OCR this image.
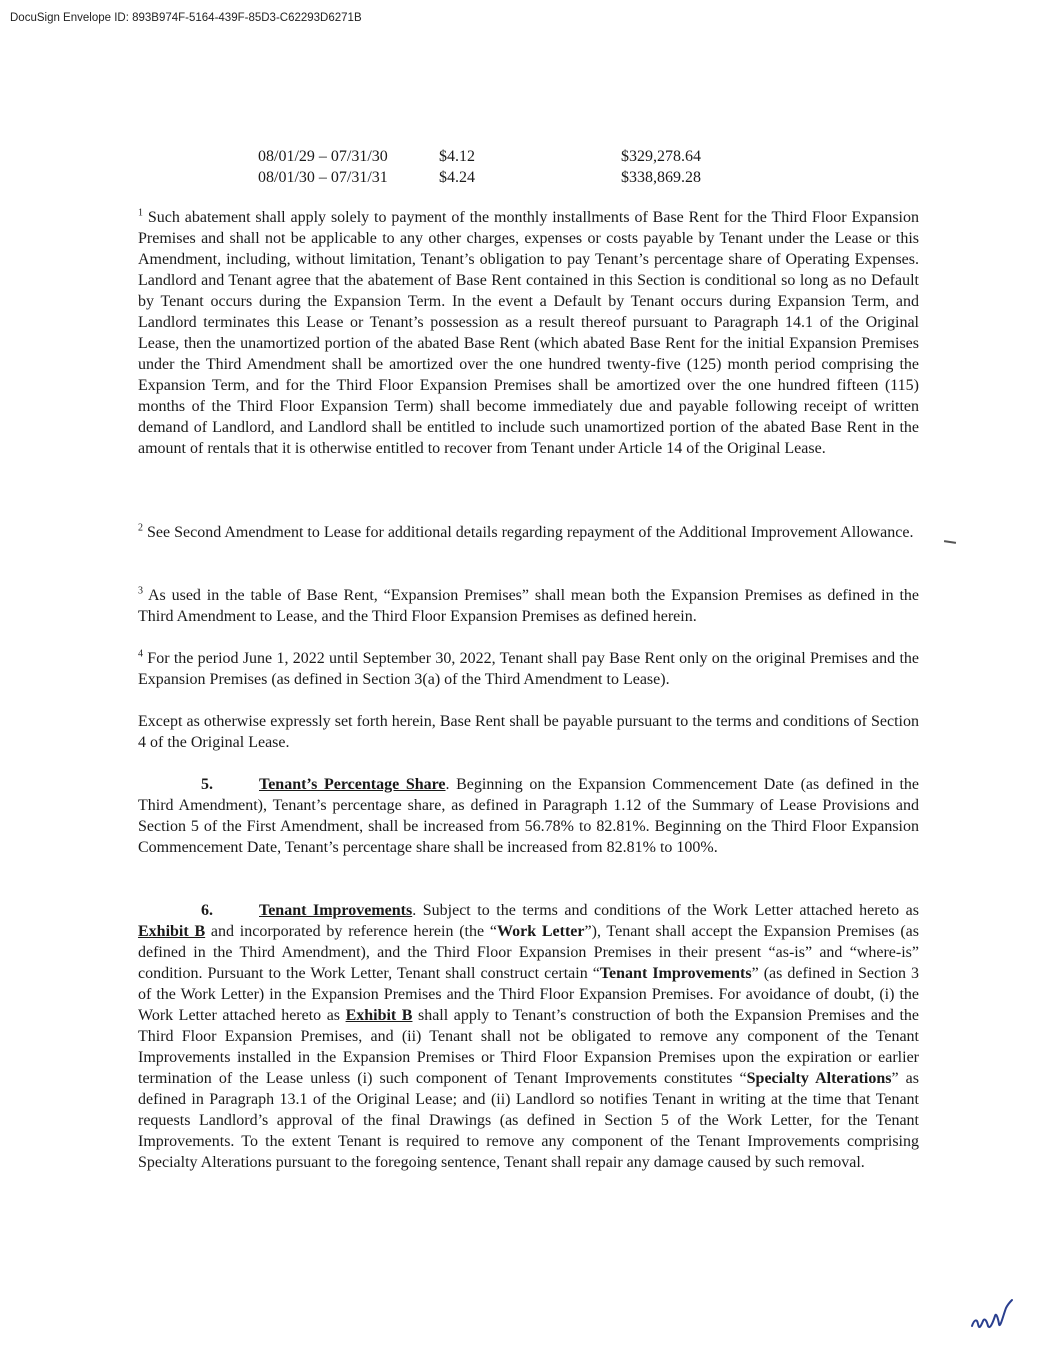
DocuSign Envelope ID: 893B974F-5164-439F-85D3-C62293D6271B
08/01/29 – 07/31/30	$4.12	$329,278.64
08/01/30 – 07/31/31	$4.24	$338,869.28

$^1$ Such abatement shall apply solely to payment of the monthly installments of Base Rent for the Third Floor Expansion Premises and shall not be applicable to any other charges, expenses or costs payable by Tenant under the Lease or this Amendment, including, without limitation, Tenant’s obligation to pay Tenant’s percentage share of Operating Expenses. Landlord and Tenant agree that the abatement of Base Rent contained in this Section is conditional so long as no Default by Tenant occurs during the Expansion Term. In the event a Default by Tenant occurs during Expansion Term, and Landlord terminates this Lease or Tenant’s possession as a result thereof pursuant to Paragraph 14.1 of the Original Lease, then the unamortized portion of the abated Base Rent (which abated Base Rent for the initial Expansion Premises under the Third Amendment shall be amortized over the one hundred twenty-five (125) month period comprising the Expansion Term, and for the Third Floor Expansion Premises shall be amortized over the one hundred fifteen (115) months of the Third Floor Expansion Term) shall become immediately due and payable following receipt of written demand of Landlord, and Landlord shall be entitled to include such unamortized portion of the abated Base Rent in the amount of rentals that it is otherwise entitled to recover from Tenant under Article 14 of the Original Lease.

$^2$ See Second Amendment to Lease for additional details regarding repayment of the Additional Improvement Allowance.

$^3$ As used in the table of Base Rent, “Expansion Premises” shall mean both the Expansion Premises as defined in the Third Amendment to Lease, and the Third Floor Expansion Premises as defined herein.

$^4$ For the period June 1, 2022 until September 30, 2022, Tenant shall pay Base Rent only on the original Premises and the Expansion Premises (as defined in Section 3(a) of the Third Amendment to Lease).

Except as otherwise expressly set forth herein, Base Rent shall be payable pursuant to the terms and conditions of Section 4 of the Original Lease.

5.	Tenant’s Percentage Share. Beginning on the Expansion Commencement Date (as defined in the Third Amendment), Tenant’s percentage share, as defined in Paragraph 1.12 of the Summary of Lease Provisions and Section 5 of the First Amendment, shall be increased from 56.78% to 82.81%. Beginning on the Third Floor Expansion Commencement Date, Tenant’s percentage share shall be increased from 82.81% to 100%.

6.	Tenant Improvements. Subject to the terms and conditions of the Work Letter attached hereto as Exhibit B and incorporated by reference herein (the “Work Letter”), Tenant shall accept the Expansion Premises (as defined in the Third Amendment), and the Third Floor Expansion Premises in their present “as-is” and “where-is” condition. Pursuant to the Work Letter, Tenant shall construct certain “Tenant Improvements” (as defined in Section 3 of the Work Letter) in the Expansion Premises and the Third Floor Expansion Premises. For avoidance of doubt, (i) the Work Letter attached hereto as Exhibit B shall apply to Tenant’s construction of both the Expansion Premises and the Third Floor Expansion Premises, and (ii) Tenant shall not be obligated to remove any component of the Tenant Improvements installed in the Expansion Premises or Third Floor Expansion Premises upon the expiration or earlier termination of the Lease unless (i) such component of Tenant Improvements constitutes “Specialty Alterations” as defined in Paragraph 13.1 of the Original Lease; and (ii) Landlord so notifies Tenant in writing at the time that Tenant requests Landlord’s approval of the final Drawings (as defined in Section 5 of the Work Letter, for the Tenant Improvements. To the extent Tenant is required to remove any component of the Tenant Improvements comprising Specialty Alterations pursuant to the foregoing sentence, Tenant shall repair any damage caused by such removal.
